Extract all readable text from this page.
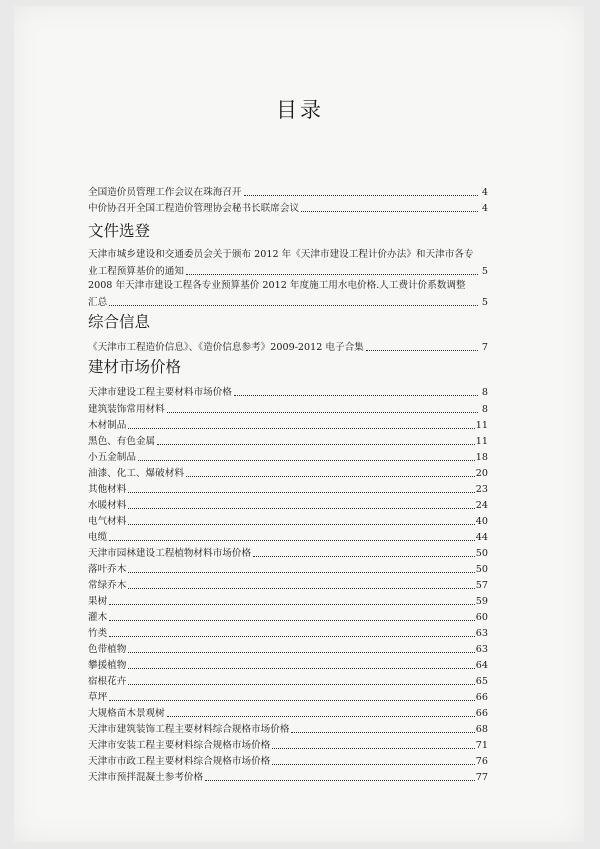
目录
全国造价员管理工作会议在珠海召开	4
中价协召开全国工程造价管理协会秘书长联席会议	4
文件选登
天津市城乡建设和交通委员会关于颁布 2012 年《天津市建设工程计价办法》和天津市各专
业工程预算基价的通知	5
2008 年天津市建设工程各专业预算基价 2012 年度施工用水电价格.人工费计价系数调整
汇总	5
综合信息
《天津市工程造价信息》、《造价信息参考》2009-2012 电子合集	7
建材市场价格
天津市建设工程主要材料市场价格	8
建筑装饰常用材料	8
木材制品	11
黑色、有色金属	11
小五金制品	18
油漆、化工、爆破材料	20
其他材料	23
水暖材料	24
电气材料	40
电缆	44
天津市园林建设工程植物材料市场价格	50
落叶乔木	50
常绿乔木	57
果树	59
灌木	60
竹类	63
色带植物	63
攀援植物	64
宿根花卉	65
草坪	66
大规格苗木景观树	66
天津市建筑装饰工程主要材料综合规格市场价格	68
天津市安装工程主要材料综合规格市场价格	71
天津市市政工程主要材料综合规格市场价格	76
天津市预拌混凝土参考价格	77
